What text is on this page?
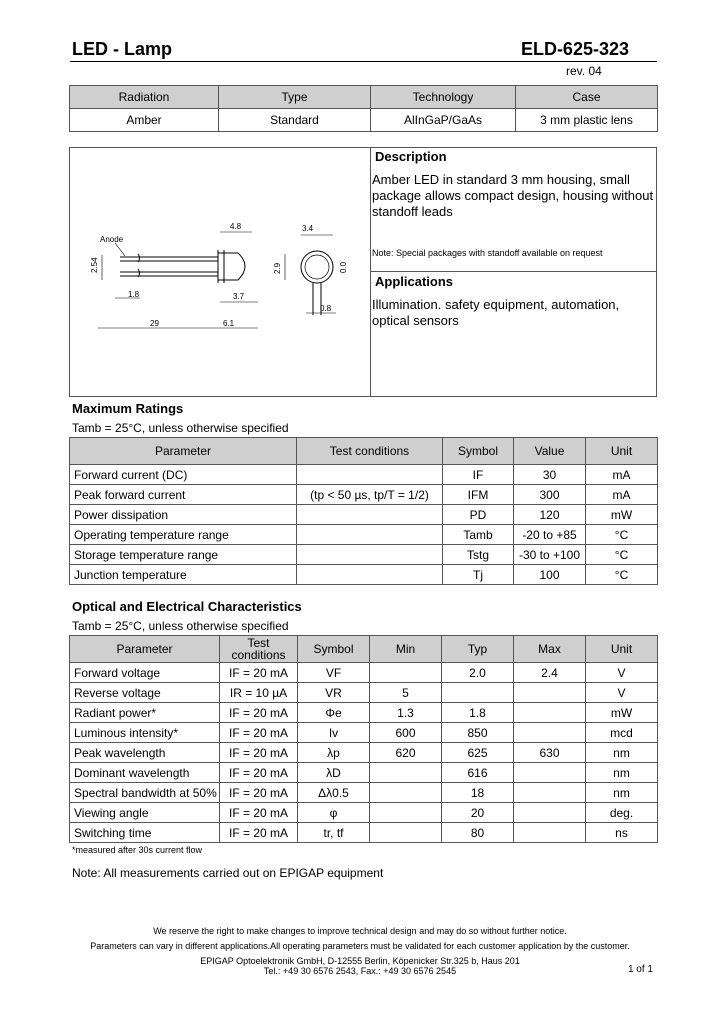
LED - Lamp	ELD-625-323
rev. 04
Radiation	Type	Technology	Case
Amber	Standard	AlInGaP/GaAs	3 mm plastic lens
4.8
Anode
2.54
1.8	3.7
29	6.1
3.4
2.9	0.0
0.8
Description
Amber LED in standard 3 mm housing, small package allows compact design, housing without standoff leads
Note: Special packages with standoff available on request
Applications
Illumination. safety equipment, automation, optical sensors
Maximum Ratings
Tamb = 25°C, unless otherwise specified
Parameter	Test conditions	Symbol	Value	Unit
Forward current (DC)		IF	30	mA
Peak forward current	(tp < 50 µs, tp/T = 1/2)	IFM	300	mA
Power dissipation		PD	120	mW
Operating temperature range		Tamb	-20 to +85	°C
Storage temperature range		Tstg	-30 to +100	°C
Junction temperature		Tj	100	°C
Optical and Electrical Characteristics
Tamb = 25°C, unless otherwise specified
Parameter	Test conditions	Symbol	Min	Typ	Max	Unit
Forward voltage	IF = 20 mA	VF		2.0	2.4	V
Reverse voltage	IR = 10 µA	VR	5			V
Radiant power*	IF = 20 mA	Φe	1.3	1.8		mW
Luminous intensity*	IF = 20 mA	Iv	600	850		mcd
Peak wavelength	IF = 20 mA	λp	620	625	630	nm
Dominant wavelength	IF = 20 mA	λD		616		nm
Spectral bandwidth at 50%	IF = 20 mA	Δλ0.5		18		nm
Viewing angle	IF = 20 mA	φ		20		deg.
Switching time	IF = 20 mA	tr, tf		80		ns
*measured after 30s current flow
Note: All measurements carried out on EPIGAP equipment
We reserve the right to make changes to improve technical design and may do so without further notice.
Parameters can vary in different applications.All operating parameters must be validated for each customer application by the customer.
EPIGAP Optoelektronik GmbH, D-12555 Berlin, Köpenicker Str.325 b, Haus 201
Tel.: +49 30 6576 2543, Fax.: +49 30 6576 2545	1 of 1
